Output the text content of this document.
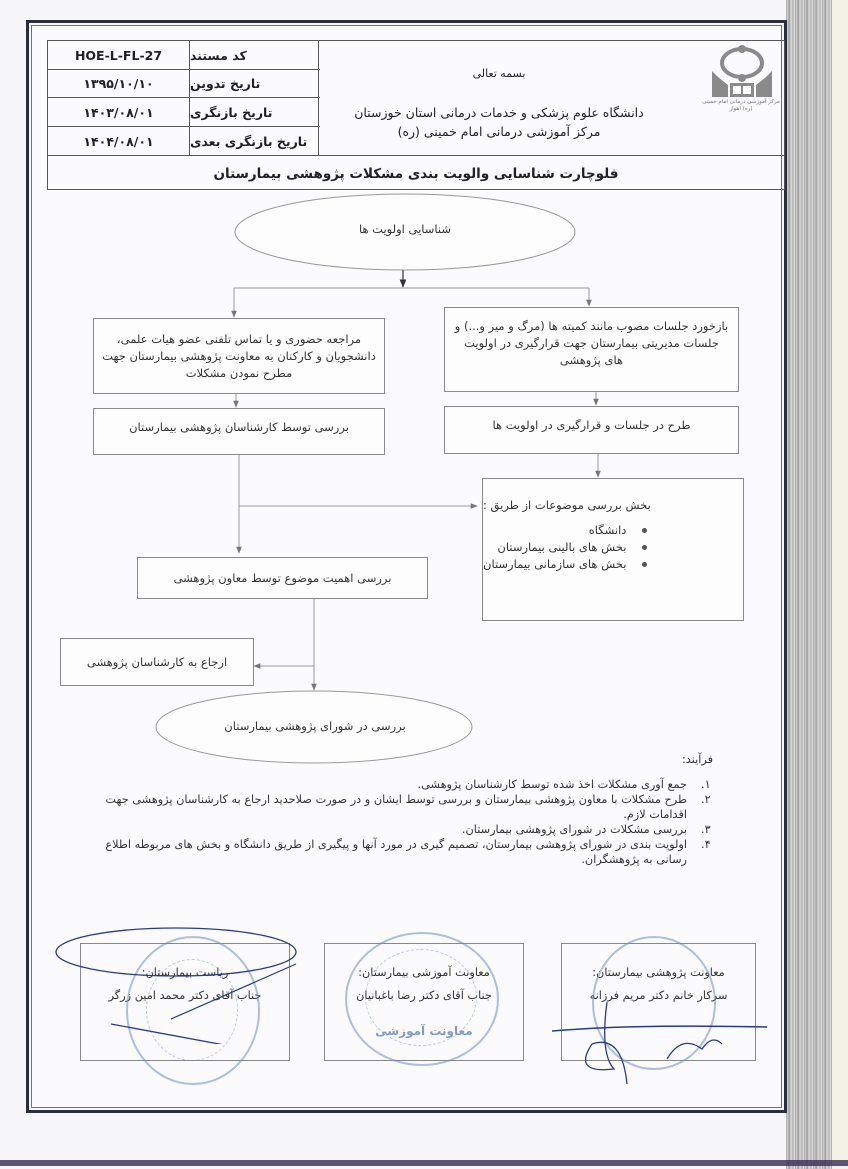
HOE-L-FL-27	کد مستند
۱۳۹۵/۱۰/۱۰	تاریخ تدوین
۱۴۰۳/۰۸/۰۱	تاریخ بازنگری
۱۴۰۴/۰۸/۰۱	تاریخ بازنگری بعدی
بسمه تعالی
دانشگاه علوم پزشکی و خدمات درمانی استان خوزستان
مرکز آموزشی درمانی امام خمینی (ره)
مرکز آموزشی درمانی امام خمینی (ره) اهواز
فلوچارت شناسایی والویت بندی مشکلات پژوهشی بیمارستان
شناسایی اولویت ها
مراجعه حضوری و یا تماس تلفنی عضو هیات علمی، دانشجویان و کارکنان به معاونت پژوهشی بیمارستان جهت مطرح نمودن مشکلات
بررسی توسط کارشناسان پژوهشی بیمارستان
بازخورد جلسات مصوب مانند کمیته ها (مرگ و میر و...) و جلسات مدیریتی بیمارستان جهت قرارگیری در اولویت های پژوهشی
طرح در جلسات و قرارگیری در اولویت ها
بخش بررسی موضوعات از طریق :
دانشگاه
بخش های بالینی بیمارستان
بخش های سازمانی بیمارستان
بررسی اهمیت موضوع توسط معاون پژوهشی
ارجاع به کارشناسان پژوهشی
بررسی در شورای پژوهشی بیمارستان
فرآیند:
۱.
جمع آوری مشکلات اخذ شده توسط کارشناسان پژوهشی.
۲.
طرح مشکلات با معاون پژوهشی بیمارستان و بررسی توسط ایشان و در صورت صلاحدید ارجاع به کارشناسان پژوهشی جهت اقدامات لازم.
۳.
بررسی مشکلات در شورای پژوهشی بیمارستان.
۴.
اولویت بندی در شورای پژوهشی بیمارستان، تصمیم گیری در مورد آنها و پیگیری از طریق دانشگاه و بخش های مربوطه اطلاع رسانی به پژوهشگران.
معاونت پژوهشی بیمارستان:
سرکار خانم دکتر مریم فرزانه
معاونت آموزشی بیمارستان:
جناب آقای دکتر رضا باغبانیان
معاونت آموزشی
ریاست بیمارستان:
جناب آقای دکتر محمد امین زرگر
